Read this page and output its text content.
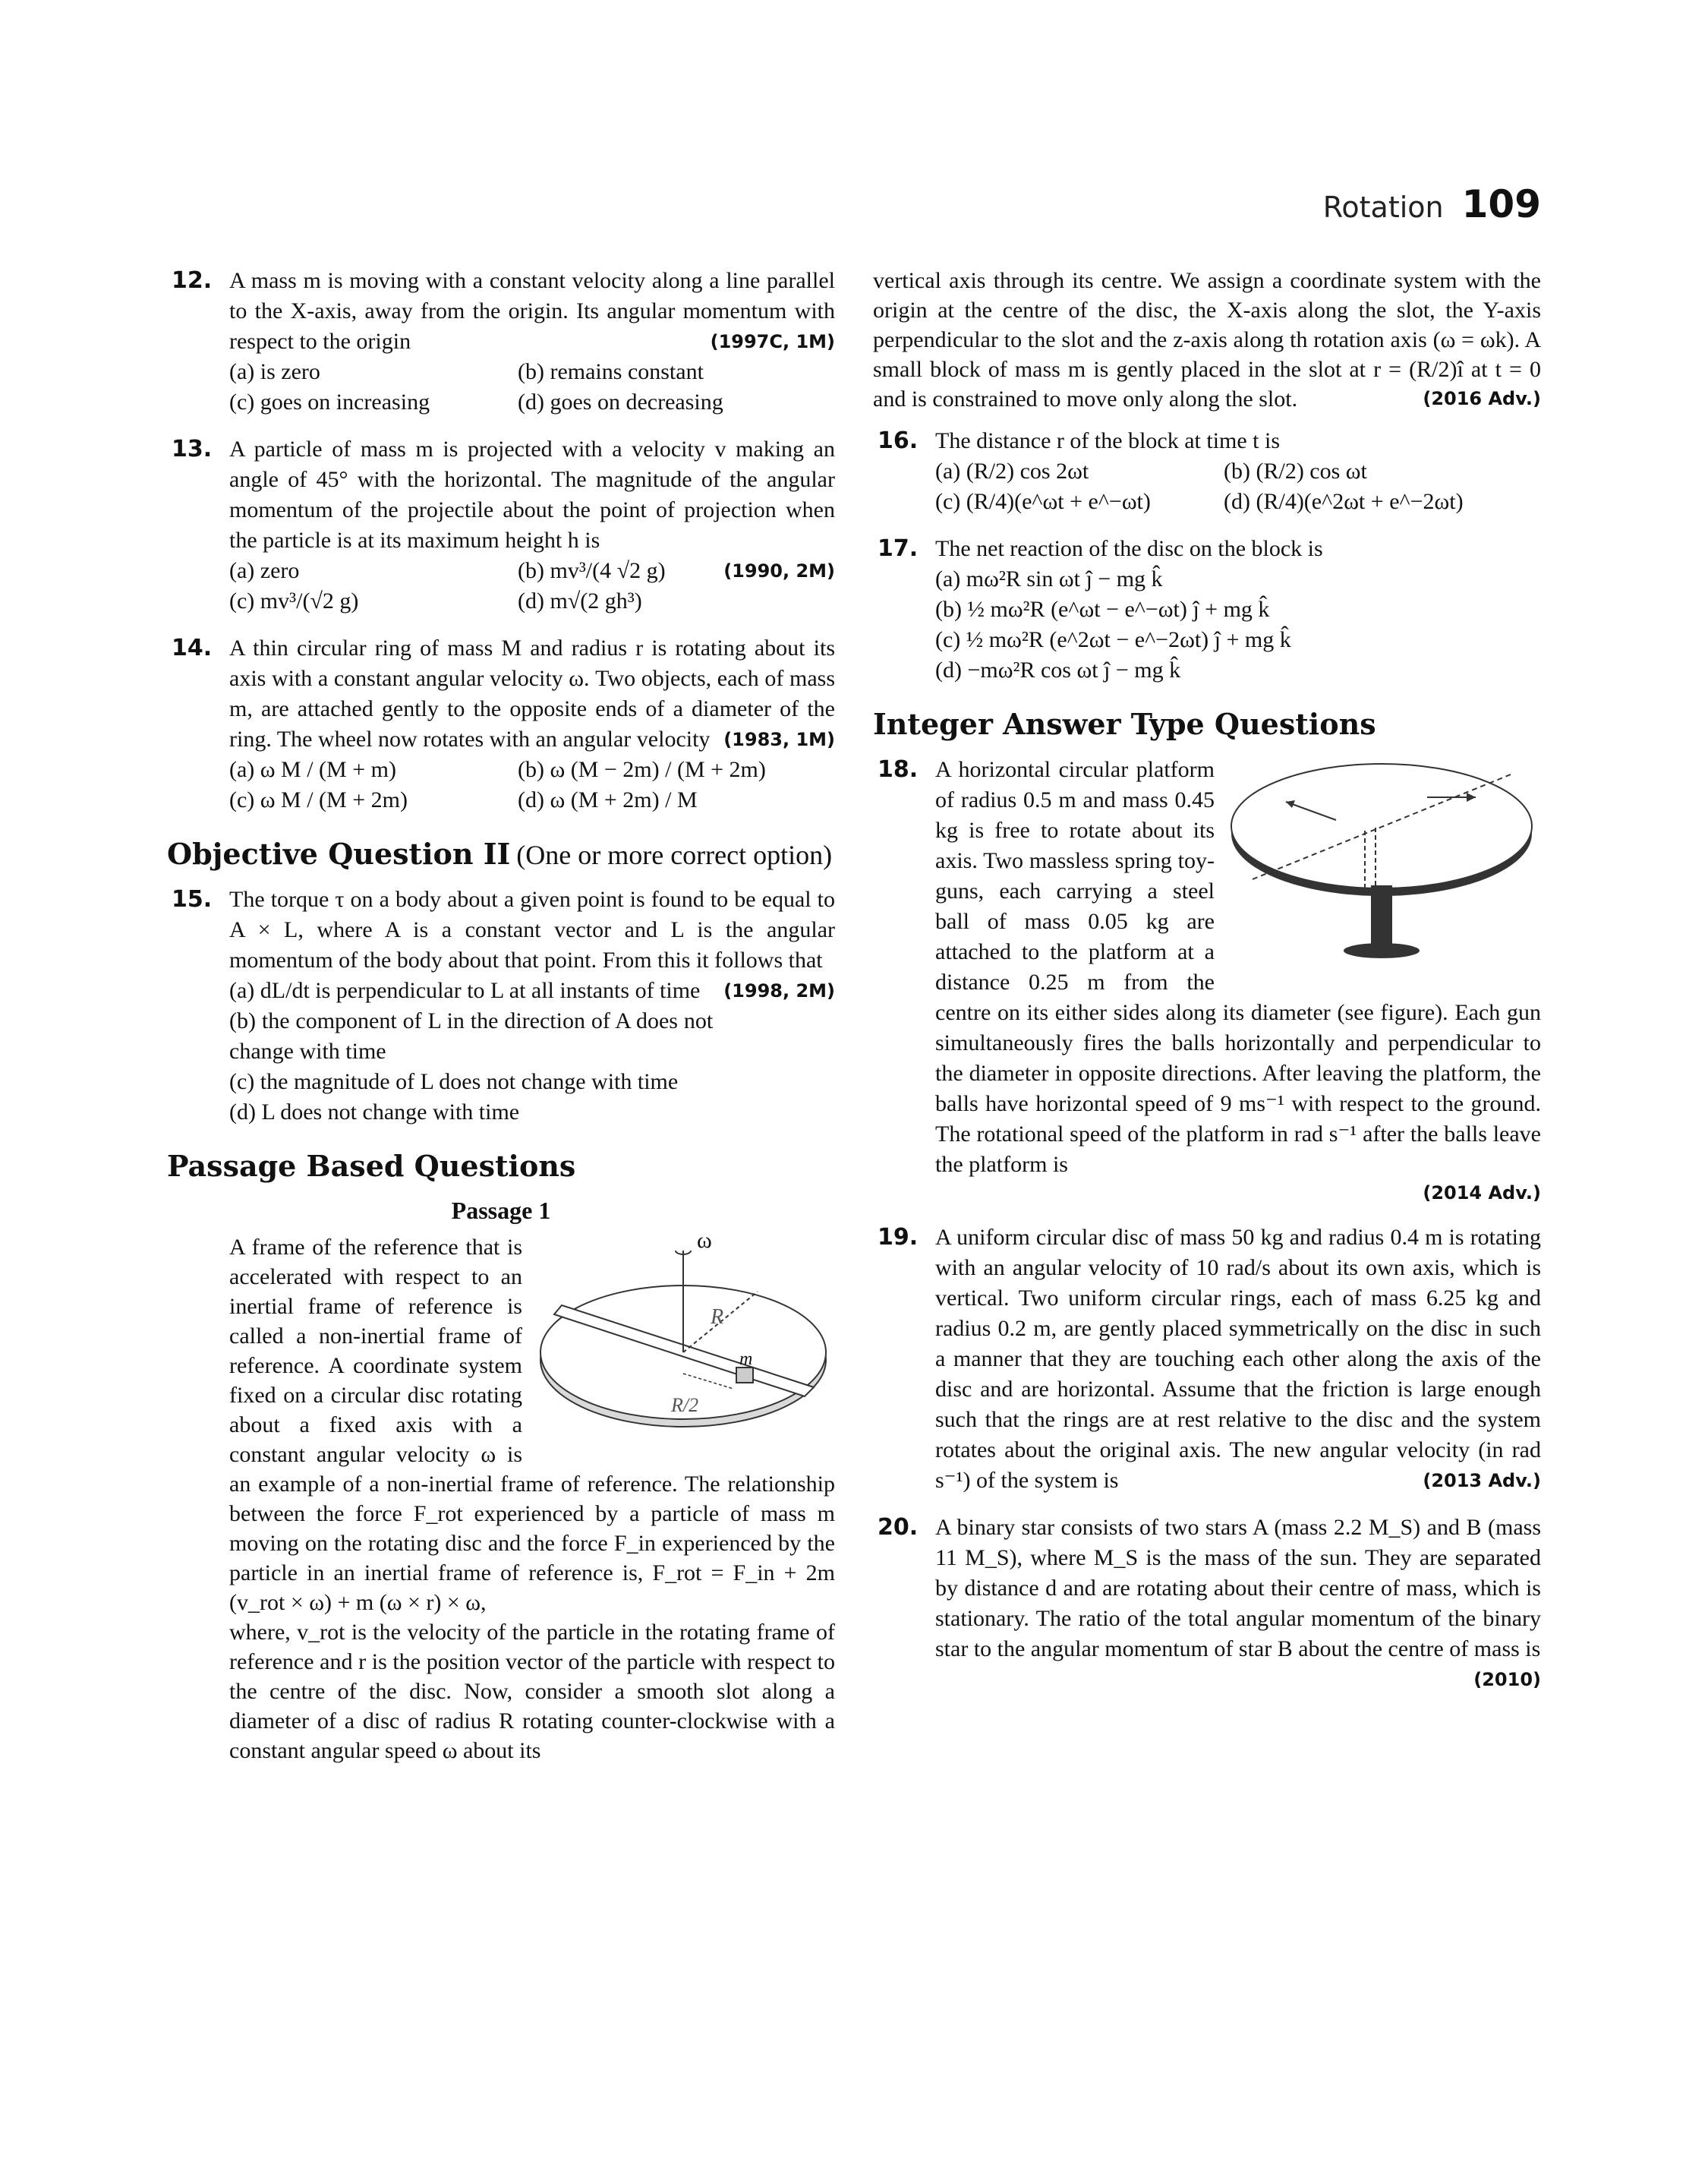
Rotation 109
12. A mass m is moving with a constant velocity along a line parallel to the X-axis, away from the origin. Its angular momentum with respect to the origin	(1997C, 1M)
(a) is zero	(b) remains constant
(c) goes on increasing	(d) goes on decreasing
13. A particle of mass m is projected with a velocity v making an angle of 45° with the horizontal. The magnitude of the angular momentum of the projectile about the point of projection when the particle is at its maximum height h is
(a) zero	(b) mv³/(4 √2 g)	(1990, 2M)
(c) mv³/(√2 g)	(d) m√(2 gh³)
14. A thin circular ring of mass M and radius r is rotating about its axis with a constant angular velocity ω. Two objects, each of mass m, are attached gently to the opposite ends of a diameter of the ring. The wheel now rotates with an angular velocity (1983, 1M)
(a) ω M / (M + m)	(b) ω (M − 2m) / (M + 2m)
(c) ω M / (M + 2m)	(d) ω (M + 2m) / M
Objective Question II (One or more correct option)
15. The torque τ on a body about a given point is found to be equal to A × L, where A is a constant vector and L is the angular momentum of the body about that point. From this it follows that
(1998, 2M)
(a) dL/dt is perpendicular to L at all instants of time
(b) the component of L in the direction of A does not change with time
(c) the magnitude of L does not change with time
(d) L does not change with time
Passage Based Questions
Passage 1
ω
R
R/2
m
A frame of the reference that is accelerated with respect to an inertial frame of reference is called a non-inertial frame of reference. A coordinate system fixed on a circular disc rotating about a fixed axis with a constant angular velocity ω is an example of a non-inertial frame of reference. The relationship between the force F_rot experienced by a particle of mass m moving on the rotating disc and the force F_in experienced by the particle in an inertial frame of reference is, F_rot = F_in + 2m (v_rot × ω) + m (ω × r) × ω,
where, v_rot is the velocity of the particle in the rotating frame of reference and r is the position vector of the particle with respect to the centre of the disc. Now, consider a smooth slot along a diameter of a disc of radius R rotating counter-clockwise with a constant angular speed ω about its
vertical axis through its centre. We assign a coordinate system with the origin at the centre of the disc, the X-axis along the slot, the Y-axis perpendicular to the slot and the z-axis along th rotation axis (ω = ωk). A small block of mass m is gently placed in the slot at r = (R/2)î at t = 0 and is constrained to move only along the slot.	(2016 Adv.)
16. The distance r of the block at time t is
(a) (R/2) cos 2ωt	(b) (R/2) cos ωt
(c) (R/4)(e^ωt + e^−ωt)	(d) (R/4)(e^2ωt + e^−2ωt)
17. The net reaction of the disc on the block is
(a) mω²R sin ωt ĵ − mg k̂
(b) ½ mω²R (e^ωt − e^−ωt) ĵ + mg k̂
(c) ½ mω²R (e^2ωt − e^−2ωt) ĵ + mg k̂
(d) −mω²R cos ωt ĵ − mg k̂
Integer Answer Type Questions
18. A horizontal circular platform of radius 0.5 m and mass 0.45 kg is free to rotate about its axis. Two massless spring toy-guns, each carrying a steel ball of mass 0.05 kg are attached to the platform at a distance 0.25 m from the centre on its either sides along its diameter (see figure). Each gun simultaneously fires the balls horizontally and perpendicular to the diameter in opposite directions. After leaving the platform, the balls have horizontal speed of 9 ms⁻¹ with respect to the ground. The rotational speed of the platform in rad s⁻¹ after the balls leave the platform is
(2014 Adv.)
19. A uniform circular disc of mass 50 kg and radius 0.4 m is rotating with an angular velocity of 10 rad/s about its own axis, which is vertical. Two uniform circular rings, each of mass 6.25 kg and radius 0.2 m, are gently placed symmetrically on the disc in such a manner that they are touching each other along the axis of the disc and are horizontal. Assume that the friction is large enough such that the rings are at rest relative to the disc and the system rotates about the original axis. The new angular velocity (in rad s⁻¹) of the system is	(2013 Adv.)
20. A binary star consists of two stars A (mass 2.2 M_S) and B (mass 11 M_S), where M_S is the mass of the sun. They are separated by distance d and are rotating about their centre of mass, which is stationary. The ratio of the total angular momentum of the binary star to the angular momentum of star B about the centre of mass is
(2010)
